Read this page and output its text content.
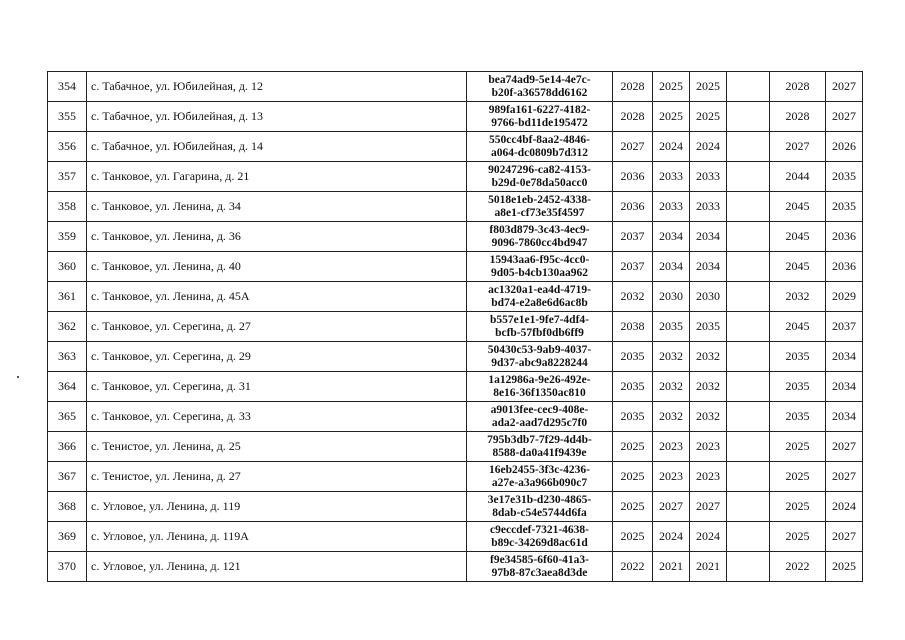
354	с. Табачное, ул. Юбилейная, д. 12	bea74ad9-5e14-4e7c-
b20f-a36578dd6162	2028	2025	2025		2028	2027
355	с. Табачное, ул. Юбилейная, д. 13	989fa161-6227-4182-
9766-bd11de195472	2028	2025	2025		2028	2027
356	с. Табачное, ул. Юбилейная, д. 14	550cc4bf-8aa2-4846-
a064-dc0809b7d312	2027	2024	2024		2027	2026
357	с. Танковое, ул. Гагарина, д. 21	90247296-ca82-4153-
b29d-0e78da50acc0	2036	2033	2033		2044	2035
358	с. Танковое, ул. Ленина, д. 34	5018e1eb-2452-4338-
a8e1-cf73e35f4597	2036	2033	2033		2045	2035
359	с. Танковое, ул. Ленина, д. 36	f803d879-3c43-4ec9-
9096-7860cc4bd947	2037	2034	2034		2045	2036
360	с. Танковое, ул. Ленина, д. 40	15943aa6-f95c-4cc0-
9d05-b4cb130aa962	2037	2034	2034		2045	2036
361	с. Танковое, ул. Ленина, д. 45А	ac1320a1-ea4d-4719-
bd74-e2a8e6d6ac8b	2032	2030	2030		2032	2029
362	с. Танковое, ул. Серегина, д. 27	b557e1e1-9fe7-4df4-
bcfb-57fbf0db6ff9	2038	2035	2035		2045	2037
363	с. Танковое, ул. Серегина, д. 29	50430c53-9ab9-4037-
9d37-abc9a8228244	2035	2032	2032		2035	2034
364	с. Танковое, ул. Серегина, д. 31	1a12986a-9e26-492e-
8e16-36f1350ac810	2035	2032	2032		2035	2034
365	с. Танковое, ул. Серегина, д. 33	a9013fee-cec9-408e-
ada2-aad7d295c7f0	2035	2032	2032		2035	2034
366	с. Тенистое, ул. Ленина, д. 25	795b3db7-7f29-4d4b-
8588-da0a41f9439e	2025	2023	2023		2025	2027
367	с. Тенистое, ул. Ленина, д. 27	16eb2455-3f3c-4236-
a27e-a3a966b090c7	2025	2023	2023		2025	2027
368	с. Угловое, ул. Ленина, д. 119	3e17e31b-d230-4865-
8dab-c54e5744d6fa	2025	2027	2027		2025	2024
369	с. Угловое, ул. Ленина, д. 119А	c9eccdef-7321-4638-
b89c-34269d8ac61d	2025	2024	2024		2025	2027
370	с. Угловое, ул. Ленина, д. 121	f9e34585-6f60-41a3-
97b8-87c3aea8d3de	2022	2021	2021		2022	2025
